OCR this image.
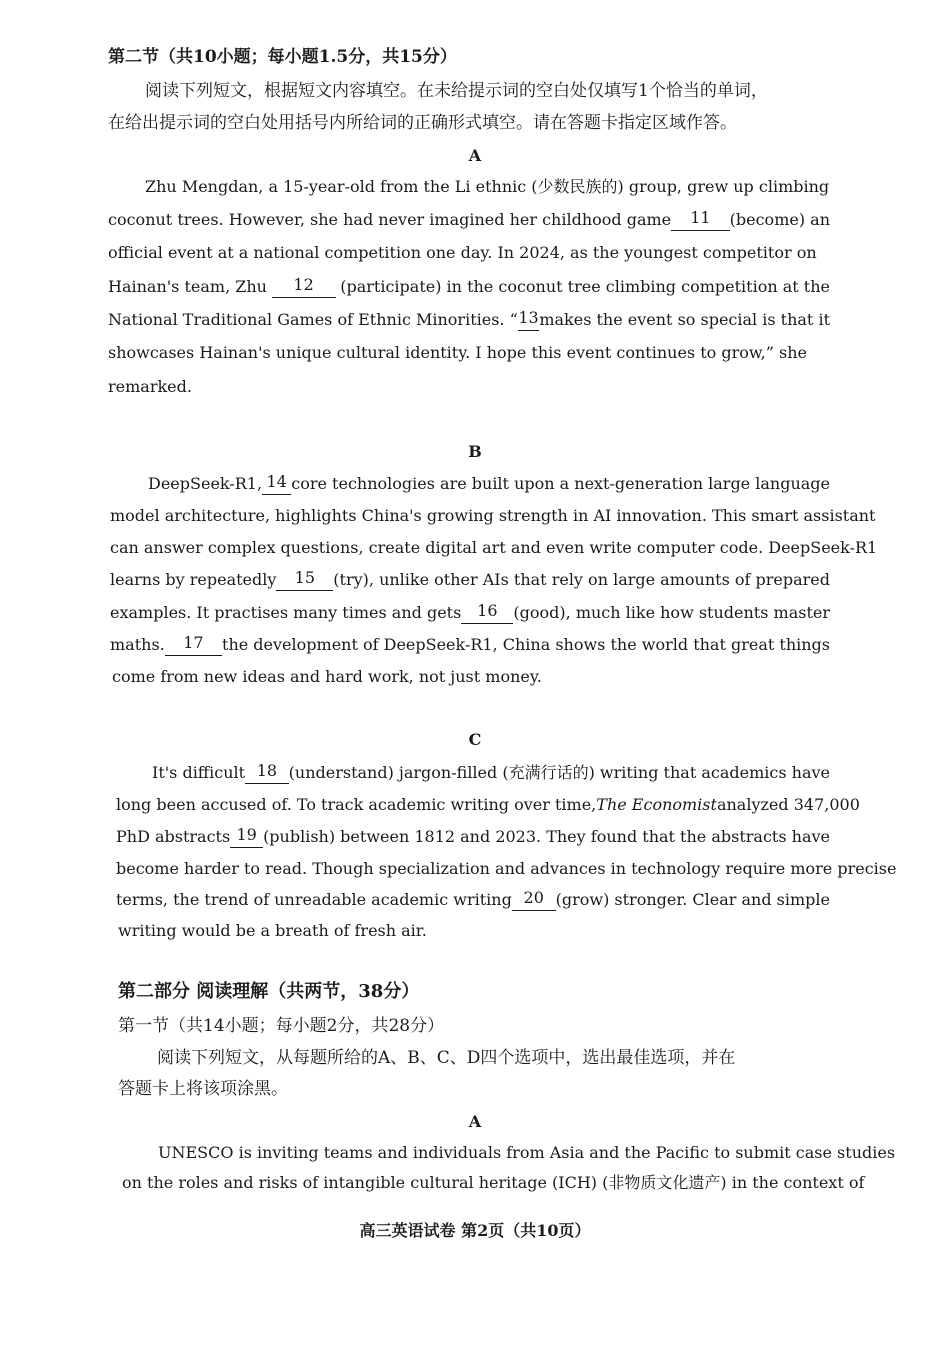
第二节（共10小题；每小题1.5分，共15分）
阅读下列短文，根据短文内容填空。在未给提示词的空白处仅填写1个恰当的单词，
在给出提示词的空白处用括号内所给词的正确形式填空。请在答题卡指定区域作答。
A
Zhu Mengdan, a 15-year-old from the Li ethnic (少数民族的) group, grew up climbing
coconut trees. However, she had never imagined her childhood game	11	(become) an
official event at a national competition one day. In 2024, as the youngest competitor on
Hainan's team, Zhu	12	(participate) in the coconut tree climbing competition at the
National Traditional Games of Ethnic Minorities. “ 13 makes the event so special is that it
showcases Hainan's unique cultural identity. I hope this event continues to grow,” she
remarked.
B
DeepSeek-R1, 14 core technologies are built upon a next-generation large language
model architecture, highlights China's growing strength in AI innovation. This smart assistant
can answer complex questions, create digital art and even write computer code. DeepSeek-R1
learns by repeatedly	15	(try), unlike other AIs that rely on large amounts of prepared
examples. It practises many times and gets 16 (good), much like how students master
maths.	17	the development of DeepSeek-R1, China shows the world that great things
come from new ideas and hard work, not just money.
C
It's difficult 18 (understand) jargon-filled (充满行话的) writing that academics have
long been accused of. To track academic writing over time, The Economist analyzed 347,000
PhD abstracts 19 (publish) between 1812 and 2023. They found that the abstracts have
become harder to read. Though specialization and advances in technology require more precise
terms, the trend of unreadable academic writing 20 (grow) stronger. Clear and simple
writing would be a breath of fresh air.
第二部分 阅读理解（共两节，38分）
第一节（共14小题；每小题2分，共28分）
阅读下列短文，从每题所给的A、B、C、D四个选项中，选出最佳选项，并在
答题卡上将该项涂黑。
A
UNESCO is inviting teams and individuals from Asia and the Pacific to submit case studies
on the roles and risks of intangible cultural heritage (ICH) (非物质文化遗产) in the context of
高三英语试卷 第2页（共10页）
